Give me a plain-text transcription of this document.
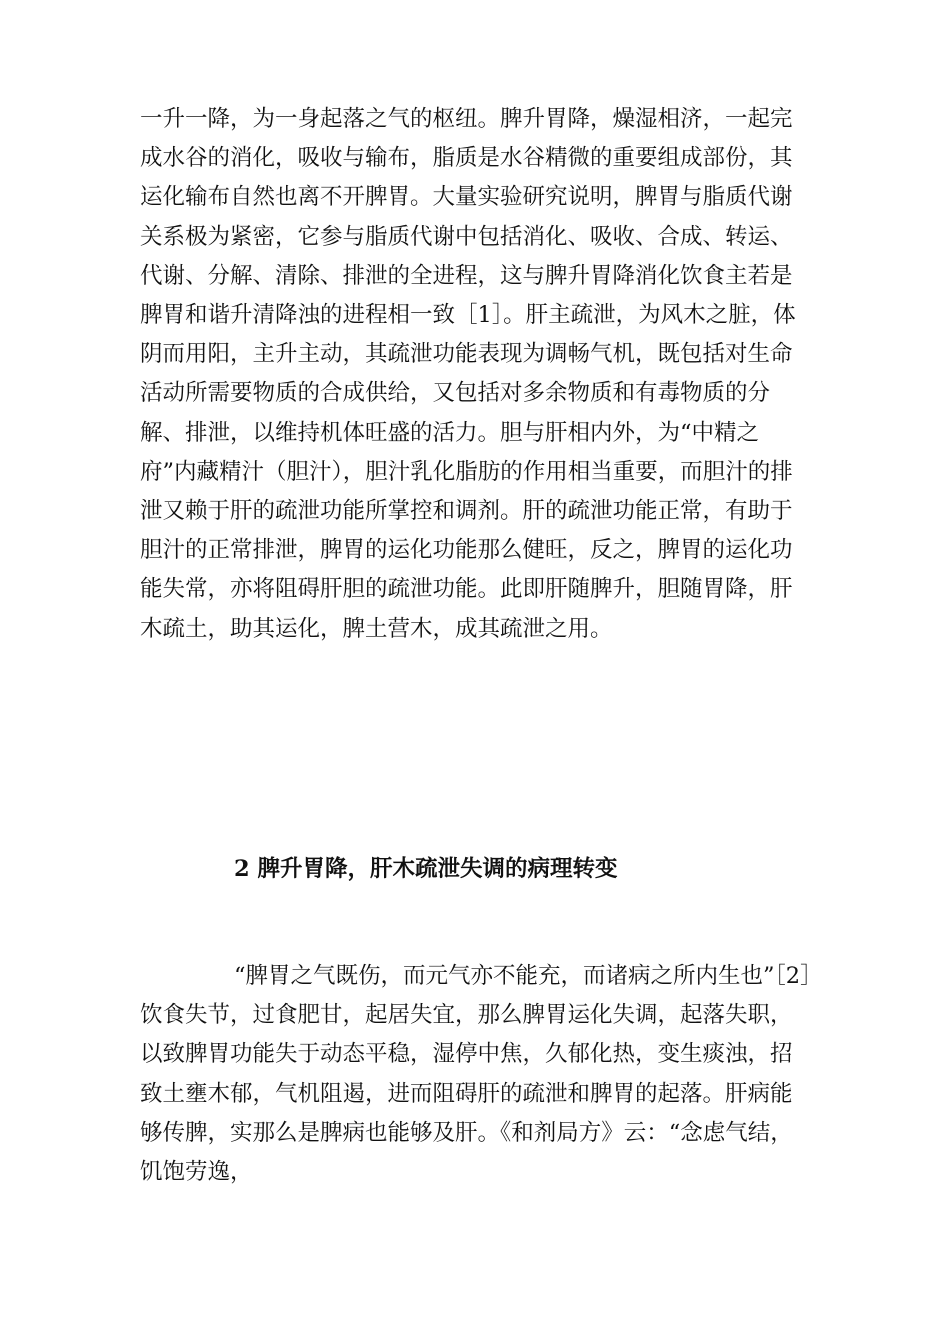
一升一降，为一身起落之气的枢纽。脾升胃降，燥湿相济，一起完成水谷的消化，吸收与输布，脂质是水谷精微的重要组成部份，其运化输布自然也离不开脾胃。大量实验研究说明，脾胃与脂质代谢关系极为紧密，它参与脂质代谢中包括消化、吸收、合成、转运、代谢、分解、清除、排泄的全进程，这与脾升胃降消化饮食主若是脾胃和谐升清降浊的进程相一致［1］。肝主疏泄，为风木之脏，体阴而用阳，主升主动，其疏泄功能表现为调畅气机，既包括对生命活动所需要物质的合成供给，又包括对多余物质和有毒物质的分解、排泄，以维持机体旺盛的活力。胆与肝相内外，为“中精之府”内藏精汁（胆汁），胆汁乳化脂肪的作用相当重要，而胆汁的排泄又赖于肝的疏泄功能所掌控和调剂。肝的疏泄功能正常，有助于胆汁的正常排泄，脾胃的运化功能那么健旺，反之，脾胃的运化功能失常，亦将阻碍肝胆的疏泄功能。此即肝随脾升，胆随胃降，肝木疏土，助其运化，脾土营木，成其疏泄之用。

2 脾升胃降，肝木疏泄失调的病理转变

“脾胃之气既伤，而元气亦不能充，而诸病之所内生也”［2］饮食失节，过食肥甘，起居失宜，那么脾胃运化失调，起落失职，以致脾胃功能失于动态平稳，湿停中焦，久郁化热，变生痰浊，招致土壅木郁，气机阻遏，进而阻碍肝的疏泄和脾胃的起落。肝病能够传脾，实那么是脾病也能够及肝。《和剂局方》云：“念虑气结，饥饱劳逸，
